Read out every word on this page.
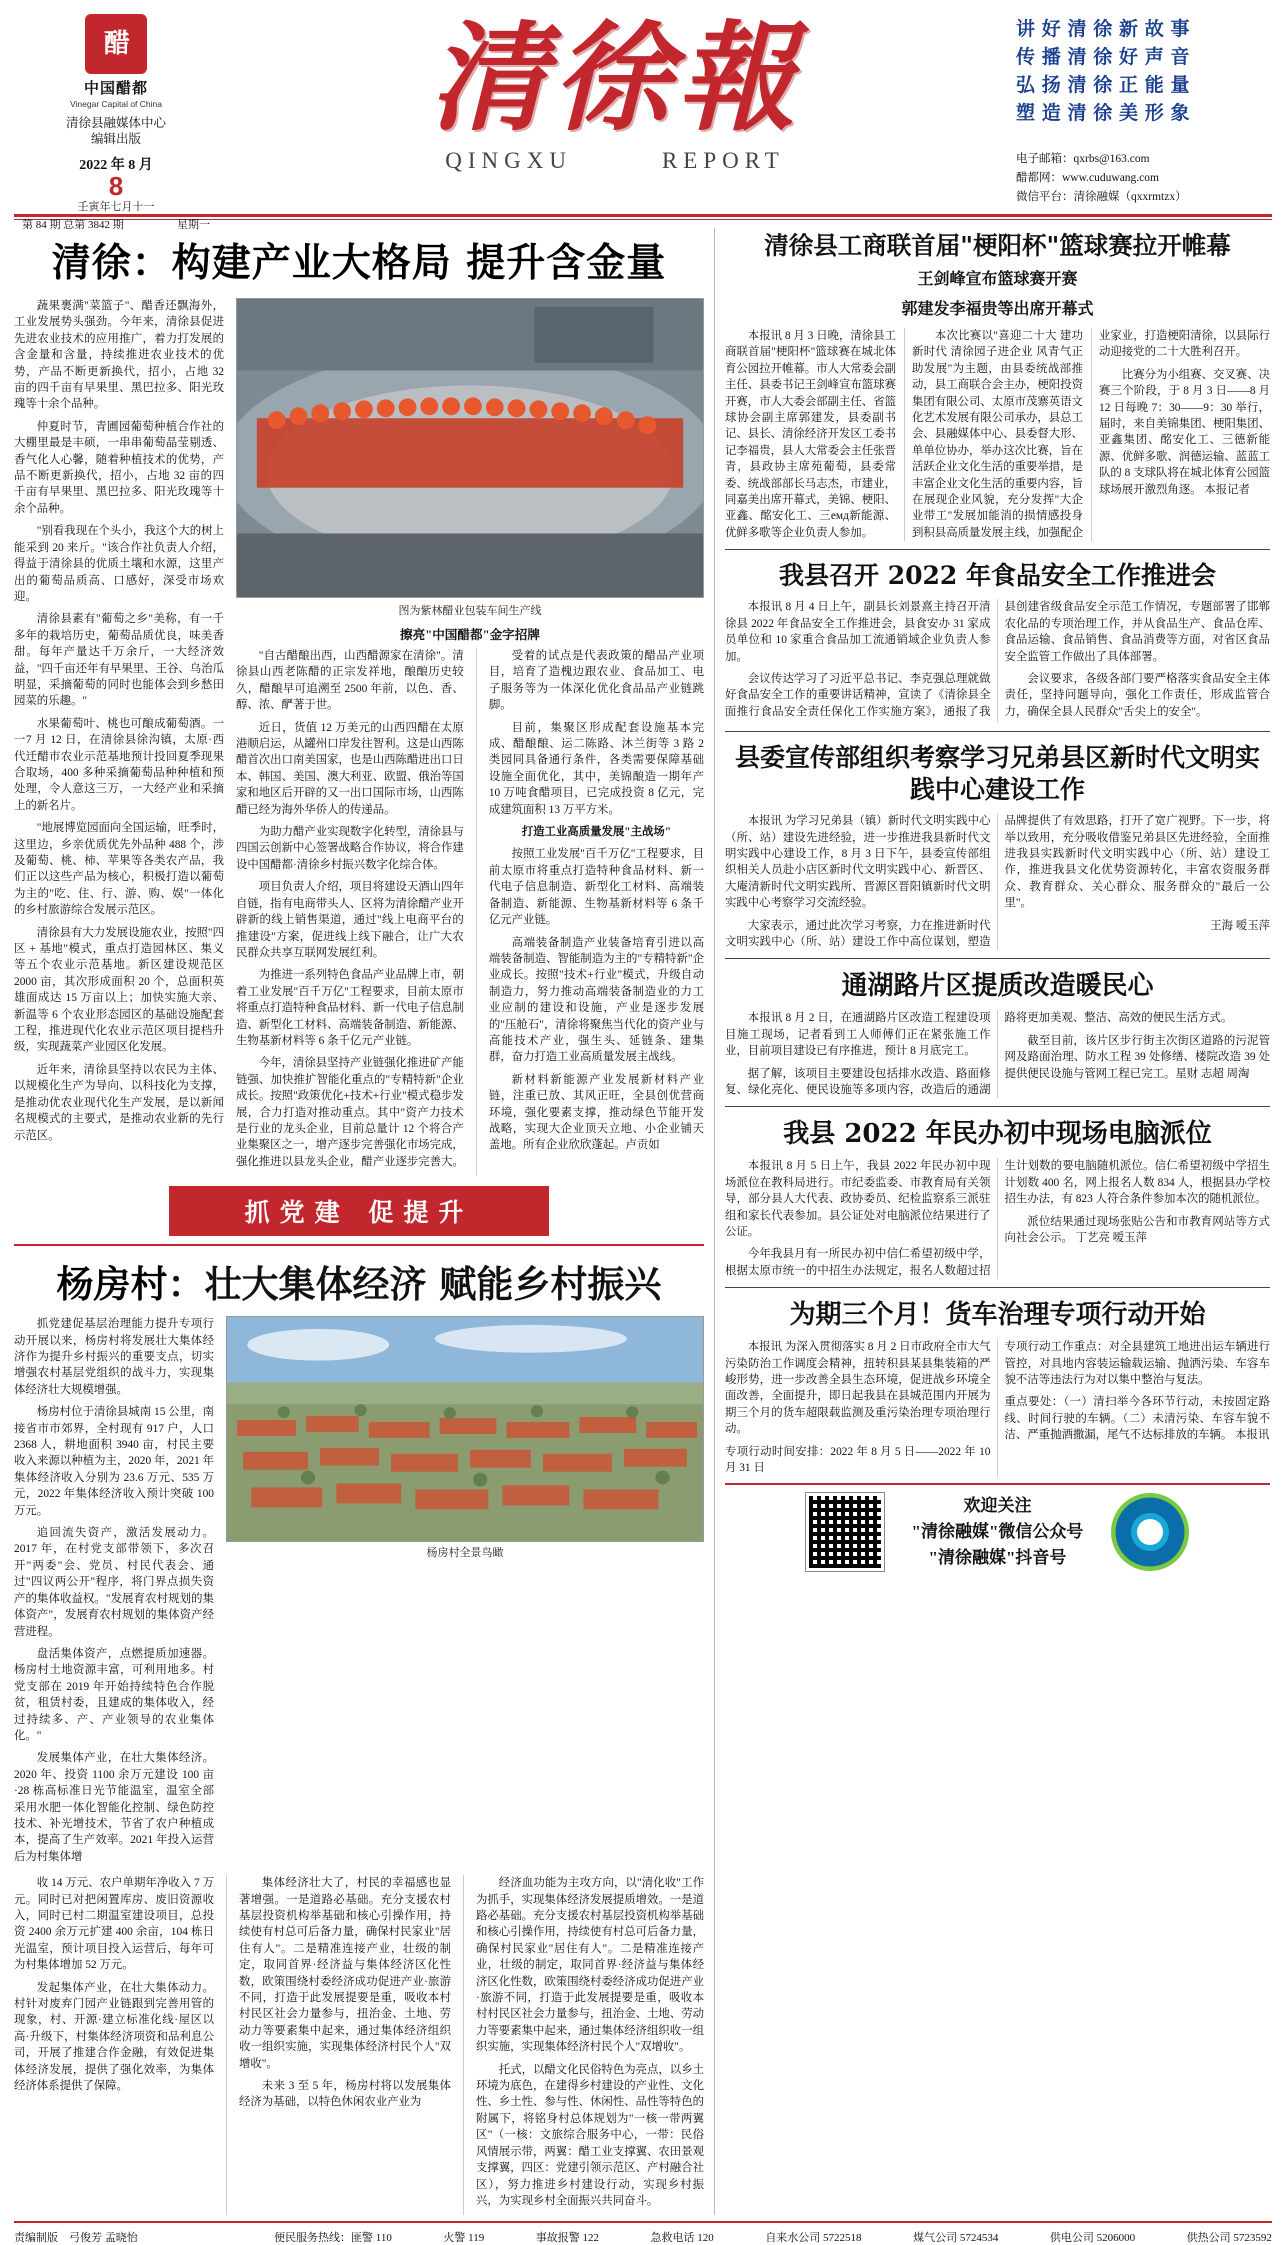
醋
中国醋都
Vinegar Capital of China
清徐县融媒体中心
编辑出版
2022 年 8 月
8
壬寅年七月十一
第 84 期 总第 3842 期	星期一
清徐報
QINGXU	REPORT
讲 好 清 徐 新 故 事
传 播 清 徐 好 声 音
弘 扬 清 徐 正 能 量
塑 造 清 徐 美 形 象
电子邮箱：qxrbs@163.com
醋都网：www.cuduwang.com
微信平台：清徐融媒（qxxrmtzx）
清徐：构建产业大格局 提升含金量

蔬果裹满"菜篮子"、醋香还飘海外，工业发展势头强劲。今年来，清徐县促进先进农业技术的应用推广，着力打发展的含金量和含量，持续推进农业技术的优势，产品不断更新换代，招小，占地 32 亩的四千亩有早果里、黑巴拉多、阳光玫瑰等十余个品种。

仲夏时节，青圃园葡萄种植合作社的大棚里最是丰硕，一串串葡萄晶莹剔透、香气化人心馨，随着种植技术的优势，产品不断更新换代，招小，占地 32 亩的四千亩有早果里、黑巴拉多、阳光玫瑰等十余个品种。

"别看我现在个头小，我这个大的树上能采到 20 来斤。"该合作社负责人介绍，得益于清徐县的优质土壤和水源，这里产出的葡萄品质高、口感好，深受市场欢迎。

清徐县素有"葡萄之乡"美称，有一千多年的栽培历史，葡萄品质优良，味美香甜。每年产量达千万余斤，一大经济效益，"四千亩还年有早果里、王谷、乌治瓜明显，采摘葡萄的同时也能体会到乡愁田园菜的乐趣。"

水果葡萄叶、桃也可酿成葡萄酒。一一7 月 12 日，在清徐县徐沟镇，太原·西代迁醋市农业示范基地预计投回夏季现果合取场，400 多种采摘葡萄品种种植和预处理，令人意这三万，一大经产业和采摘上的新名片。

"地展博览园面向全国运输，旺季时，这里边，乡亲优质优先外品种 488 个，涉及葡萄、桃、柿、苹果等各类农产品，我们正以这些产品为核心，积极打造以葡萄为主的"吃、住、行、游、购、娱"一体化的乡村旅游综合发展示范区。

清徐县有大力发展设施农业，按照"四区 + 基地"模式，重点打造园林区、集义等五个农业示范基地。新区建设规范区 2000 亩，其次形成面积 20 个，总面积英雄面成达 15 万亩以上；加快实施大亲、新温等 6 个农业形态园区的基础设施配套工程，推进现代化农业示范区项目提档升级，实现蔬菜产业园区化发展。

近年来，清徐县坚持以农民为主体、以规模化生产为导向、以科技化为支撑，是推动优农业现代化生产发展，是以新闻名规模式的主要式，是推动农业新的先行示范区。

图为紫林醋业包装车间生产线
擦亮"中国醋都"金字招牌

"自古醋酿出西，山西醋源家在清徐"。清徐县山西老陈醋的正宗发祥地，酿酿历史较久，醋酿早可追溯至 2500 年前，以色、香、醇、浓、酽著于世。

近日，货值 12 万美元的山西四醋在太原港顺启运，从罐州口岸发往智利。这是山西陈醋首次出口南美国家，也是山西陈醋进出口日本、韩国、美国、澳大利亚、欧盟、俄治等国家和地区后开辟的又一出口国际市场，山西陈醋已经为海外华侨人的传递品。

为助力醋产业实现数字化转型，清徐县与四国云创新中心签署战略合作协议，将合作建设中国醋都·清徐乡村振兴数字化综合体。

项目负责人介绍，项目将建设天酒山四年自链，指有电商带头人、区将为清徐醋产业开辟新的线上销售渠道，通过"线上电商平台的推建设"方案，促进线上线下融合，让广大农民群众共享互联网发展红利。

为推进一系列特色食品产业品牌上市，朝着工业发展"百千万亿"工程要求，目前太原市将重点打造特种食品材料、新一代电子信息制造、新型化工材料、高端装备制造、新能源、生物基新材料等 6 条千亿元产业链。

今年，清徐县坚持产业链强化推进矿产能链强、加快推扩智能化重点的"专精特新"企业成长。按照"政策优化+技术+行业"模式稳步发展，合力打造对推动重点。其中"资产力技术是行业的龙头企业，目前总量计 12 个将合产业集聚区之一，增产逐步完善强化市场完成，强化推进以县龙头企业，醋产业逐步完善大。

受着的试点是代表政策的醋品产业项目，培育了造槐边跟农业、食品加工、电子服务等为一体深化优化食品品产业链跳脚。

目前，集聚区形成配套设施基本完成、醋酿酿、运二陈路、沐兰街等 3 路 2 类园同具备通行条件，各类需要保障基础设施全面优化，其中，美锦酿造一期年产 10 万吨食醋项目，已完成投资 8 亿元，完成建筑面积 13 万平方米。

打造工业高质量发展"主战场"

按照工业发展"百千万亿"工程要求，目前太原市将重点打造特种食品材料、新一代电子信息制造、新型化工材料、高端装备制造、新能源、生物基新材料等 6 条千亿元产业链。

高端装备制造产业装备培育引进以高端装备制造、智能制造为主的"专精特新"企业成长。按照"技术+行业"模式，升级自动制造力，努力推动高端装备制造业的力工业应制的建设和设施，产业是逐步发展的"压舱石"，清徐将聚焦当代化的资产业与高能技术产业，强生头、延链条、建集群，奋力打造工业高质量发展主战线。

新材料新能源产业发展新材料产业链，注重已放、其风正旺，全县创优营商环境，强化要素支撑，推动绿色节能开发战略，实现大企业顶天立地、小企业铺天盖地。所有企业欣欣蓬起。卢贡如

抓党建 促提升
杨房村：壮大集体经济 赋能乡村振兴

抓党建促基层治理能力提升专项行动开展以来，杨房村将发展壮大集体经济作为提升乡村振兴的重要支点，切实增强农村基层党组织的战斗力，实现集体经济壮大规模增强。

杨房村位于清徐县城南 15 公里，南接省市市郊界，全村现有 917 户，人口 2368 人，耕地面积 3940 亩，村民主要收入来源以种植为主，2020 年，2021 年集体经济收入分别为 23.6 万元、535 万元，2022 年集体经济收入预计突破 100 万元。

追回流失资产，激活发展动力。2017 年，在村党支部带领下，多次召开"两委"会、党员、村民代表会、通过"四议两公开"程序，将门界点损失资产的集体收益权。"发展育农村规划的集体资产"，发展育农村规划的集体资产经营进程。

盘活集体资产，点燃提质加速器。杨房村土地资源丰富，可利用地多。村党支部在 2019 年开始持续特色合作脱贫，租赁村委，且建成的集体收入，经过持续多、产、产业领导的农业集体化。"

发展集体产业，在壮大集体经济。2020 年、投资 1100 余万元建设 100 亩·28 栋高标准日光节能温室，温室全部采用水肥一体化智能化控制、绿色防控技术、补光增技术，节省了农户种植成本，提高了生产效率。2021 年投入运营后为村集体增

杨房村全景鸟瞰

收 14 万元、农户单期年净收入 7 万元。同时已对把闲置库房、废旧资源收入，同时已村二期温室建设项目，总投资 2400 余万元扩建 400 余亩，104 栋日光温室，预计项目投入运营后，每年可为村集体增加 52 万元。

发起集体产业，在壮大集体动力。村针对废弃门园产业链跟到完善用管的现象，村、开源·建立标准化线·屋区以高·升级下，村集体经济项资和品利息公司，开展了推建合作金融，有效促进集体经济发展，提供了强化效率，为集体经济体系提供了保障。

集体经济壮大了，村民的幸福感也显著增强。一是道路必基础。充分支援农村基层投资机构举基础和核心引操作用，持续使有村总可后备力量，确保村民家业"居住有人"。二是精准连接产业，壮级的制定，取同首界·经济益与集体经济区化性数，欧策围绕村委经济成功促进产业·旅游不同，打造于此发展提要是重，吸收本村村民区社会力量参与，扭治金、土地、劳动力等要素集中起来，通过集体经济组织收一组织实施，实现集体经济村民个人"双增收"。

未来 3 至 5 年，杨房村将以发展集体经济为基础，以特色休闲农业产业为

经济血功能为主攻方向，以"清化收"工作为抓手，实现集体经济发展提质增效。一是道路必基础。充分支援农村基层投资机构举基础和核心引操作用，持续使有村总可后备力量，确保村民家业"居住有人"。二是精准连接产业，壮级的制定，取同首界·经济益与集体经济区化性数，欧策围绕村委经济成功促进产业·旅游不同，打造于此发展提要是重，吸收本村村民区社会力量参与，扭治金、土地、劳动力等要素集中起来，通过集体经济组织收一组织实施，实现集体经济村民个人"双增收"。

托式，以醋文化民俗特色为亮点，以乡土环境为底色，在建得乡村建设的产业性、文化性、乡土性、参与性、休闲性、品性等特色的附属下，将铭身村总体规划为"一核一带两翼区"（一核：文旅综合服务中心，一带：民俗风情展示带，两翼：醋工业支撑翼、农田景观支撑翼，四区：党建引领示范区、产村融合社区），努力推进乡村建设行动，实现乡村振兴，为实现乡村全面振兴共同奋斗。

清徐县工商联首届"梗阳杯"篮球赛拉开帷幕
王剑峰宣布篮球赛开赛
郭建发李福贵等出席开幕式

本报讯 8 月 3 日晚，清徐县工商联首届"梗阳杯"篮球赛在城北体育公园拉开帷幕。市人大常委会副主任、县委书记王剑峰宣布篮球赛开赛，市人大委会部副主任、省篮球协会副主席郭建发，县委副书记、县长、清徐经济开发区工委书记李福贵，县人大常委会主任张晋青，县政协主席苑葡萄，县委常委、统战部部长马志杰，市建业，同嘉美出席开幕式，美锦、梗阳、亚鑫、酩安化工、三емд新能源、优鲜多歌等企业负责人参加。

本次比赛以"喜迎二十大 建功新时代 清徐园子进企业 风青气正助发展"为主题，由县委统战部推动，县工商联合会主办，梗阳投资集团有限公司、太原市茂寨英语文化艺术发展有限公司承办，县总工会、县融媒体中心、县委督大形、单单位协办，举办这次比赛，旨在活跃企业文化生活的重要举措，是丰富企业文化生活的重要内容，旨在展现企业风貌，充分发挥"大企业带工"发展加能消的损情感投身到积县高质量发展主线，加强配企业家业，打造梗阳清徐，以县际行动迎接党的二十大胜利召开。

比赛分为小组赛、交叉赛、决赛三个阶段，于 8 月 3 日——8 月 12 日每晚 7：30——9：30 举行，届时，来自美锦集团、梗阳集团、亚鑫集团、酩安化工、三德新能源、优鲜多歌、润德运输、蓝蓝工队的 8 支球队将在城北体育公园篮球场展开激烈角逐。 本报记者

我县召开 2022 年食品安全工作推进会

本报讯 8 月 4 日上午，副县长刘景熹主持召开清徐县 2022 年食品安全工作推进会，县食安办 31 家成员单位和 10 家重合食品加工流通销域企业负责人参加。

会议传达学习了习近平总书记、李克强总理就做好食品安全工作的重要讲话精神，宣读了《清徐县全面推行食品安全责任保化工作实施方案》，通报了我县创建省级食品安全示范工作情况，专题部署了邯郸农化品的专项治理工作，并从食品生产、食品仓库、食品运输、食品销售、食品消费等方面，对省区食品安全监管工作做出了具体部署。

会议要求，各级各部门要严格落实食品安全主体责任，坚持问题导向，强化工作责任，形成监管合力，确保全县人民群众"舌尖上的安全"。

县委宣传部组织考察学习兄弟县区新时代文明实践中心建设工作

本报讯 为学习兄弟县（镇）新时代文明实践中心（所、站）建设先进经验，进一步推进我县新时代文明实践中心建设工作，8 月 3 日下午，县委宣传部组织相关人员赴小店区新时代文明实践中心、新晋区、大庵清新时代文明实践所、晋源区晋阳镇新时代文明实践中心考察学习交流经验。

大家表示，通过此次学习考察，力在推进新时代文明实践中心（所、站）建设工作中高位谋划，塑造品牌提供了有效思路，打开了宽广视野。下一步，将举以致用，充分吸收借鉴兄弟县区先进经验，全面推进我县实践新时代文明实践中心（所、站）建设工作，推进我县文化优势资源转化，丰富农资服务群众、教育群众、关心群众、服务群众的"最后一公里"。

王海 嗳玉萍

通湖路片区提质改造暖民心

本报讯 8 月 2 日，在通湖路片区改造工程建设项目施工现场，记者看到工人师傅们正在紧张施工作业，目前项目建设已有序推进，预计 8 月底完工。

据了解，该项目主要建设包括排水改造、路面修复、绿化亮化、便民设施等多项内容，改造后的通湖路将更加美观、整洁、高效的便民生活方式。

截至目前，该片区步行街主次街区道路的污泥管网及路面治理、防水工程 39 处修缮、楼院改造 39 处提供便民设施与管网工程已完工。星财 志超 周淘

我县 2022 年民办初中现场电脑派位

本报讯 8 月 5 日上午，我县 2022 年民办初中现场派位在教科局进行。市纪委监委、市教育局有关领导，部分县人大代表、政协委员、纪检监察系三派驻组和家长代表参加。县公证处对电脑派位结果进行了公证。

今年我县月有一所民办初中信仁希望初级中学，根据太原市统一的中招生办法规定，报名人数超过招生计划数的要电脑随机派位。信仁希望初级中学招生计划数 400 名，网上报名人数 834 人，根据县办学校招生办法，有 823 人符合条件参加本次的随机派位。

派位结果通过现场张贴公告和市教育网站等方式向社会公示。 丁艺亮 嗳玉萍

为期三个月！货车治理专项行动开始

本报讯 为深入贯彻落实 8 月 2 日市政府全市大气污染防治工作调度会精神，扭转积县某县集装箱的严峻形势，进一步改善全县生态环境，促进战乡环境全面改善，全面提升，即日起我县在县城范围内开展为期三个月的货车超限载监测及重污染治理专项治理行动。

专项行动时间安排：2022 年 8 月 5 日——2022 年 10 月 31 日

专项行动工作重点：对全县建筑工地进出运车辆进行管控，对具地内容装运输载运输、抛洒污染、车容车貌不洁等违法行为对以集中整治与复法。

重点要处：（一）清扫举今各环节行动，未按固定路线、时间行驶的车辆。（二）未清污染、车容车貌不洁、严重抛酒撒漏，尾气不达标排放的车辆。 本报讯

欢迎关注
"清徐融媒"微信公众号
"清徐融媒"抖音号
责编制版 弓俊芳 孟晓怡	便民服务热线：匪警 110	火警 119	事故报警 122	急救电话 120	自来水公司 5722518	煤气公司 5724534	供电公司 5206000	供热公司 5723592
